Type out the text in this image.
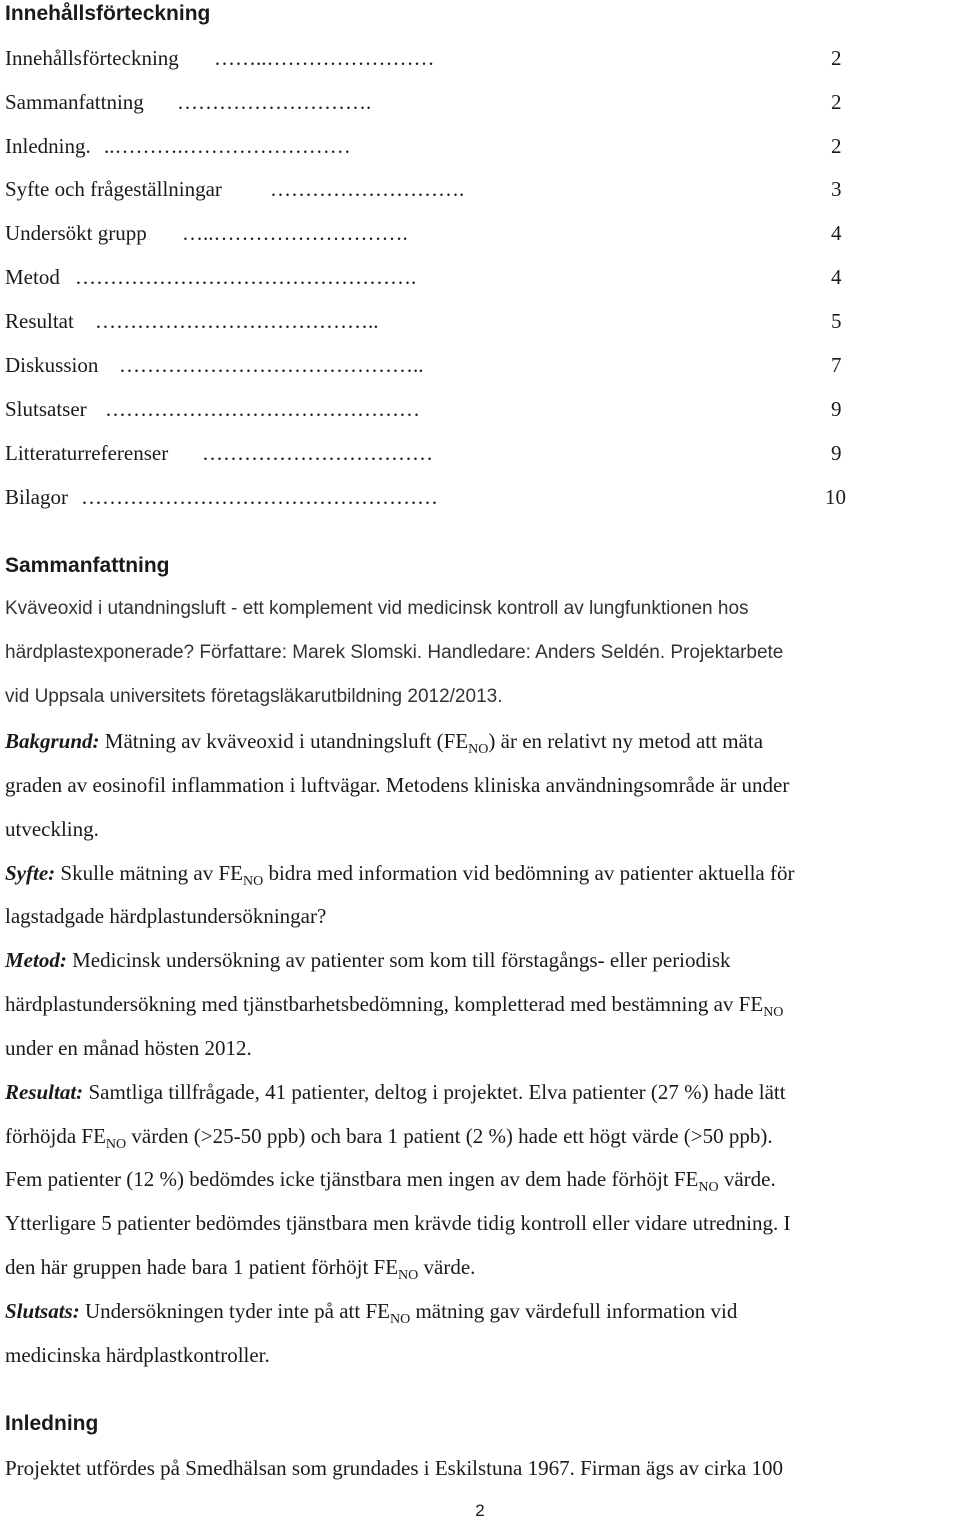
Innehållsförteckning
Innehållsförteckning ……..……………………	2
Sammanfattning ……………………….	2
Inledning. ..……….……………………	2
Syfte och frågeställningar ……………………….	3
Undersökt grupp …..……………………….	4
Metod ………………………………………….	4
Resultat …………………………………..	5
Diskussion ……………………………………..	7
Slutsatser ………………………………………	9
Litteraturreferenser ……………………………	9
Bilagor ……………………………………………	10
Sammanfattning
Kväveoxid i utandningsluft - ett komplement vid medicinsk kontroll av lungfunktionen hos
härdplastexponerade? Författare: Marek Slomski. Handledare: Anders Seldén. Projektarbete
vid Uppsala universitets företagsläkarutbildning 2012/2013.
Bakgrund: Mätning av kväveoxid i utandningsluft $(FE_{NO})$ är en relativt ny metod att mäta
graden av eosinofil inflammation i luftvägar. Metodens kliniska användningsområde är under
utveckling.
Syfte: Skulle mätning av $FE_{NO}$ bidra med information vid bedömning av patienter aktuella för
lagstadgade härdplastundersökningar?
Metod: Medicinsk undersökning av patienter som kom till förstagångs- eller periodisk
härdplastundersökning med tjänstbarhetsbedömning, kompletterad med bestämning av $FE_{NO}$
under en månad hösten 2012.
Resultat: Samtliga tillfrågade, 41 patienter, deltog i projektet. Elva patienter (27 %) hade lätt
förhöjda $FE_{NO}$ värden (>25-50 ppb) och bara 1 patient (2 %) hade ett högt värde (>50 ppb).
Fem patienter (12 %) bedömdes icke tjänstbara men ingen av dem hade förhöjt $FE_{NO}$ värde.
Ytterligare 5 patienter bedömdes tjänstbara men krävde tidig kontroll eller vidare utredning. I
den här gruppen hade bara 1 patient förhöjt $FE_{NO}$ värde.
Slutsats: Undersökningen tyder inte på att $FE_{NO}$ mätning gav värdefull information vid
medicinska härdplastkontroller.
Inledning
Projektet utfördes på Smedhälsan som grundades i Eskilstuna 1967. Firman ägs av cirka 100
2
